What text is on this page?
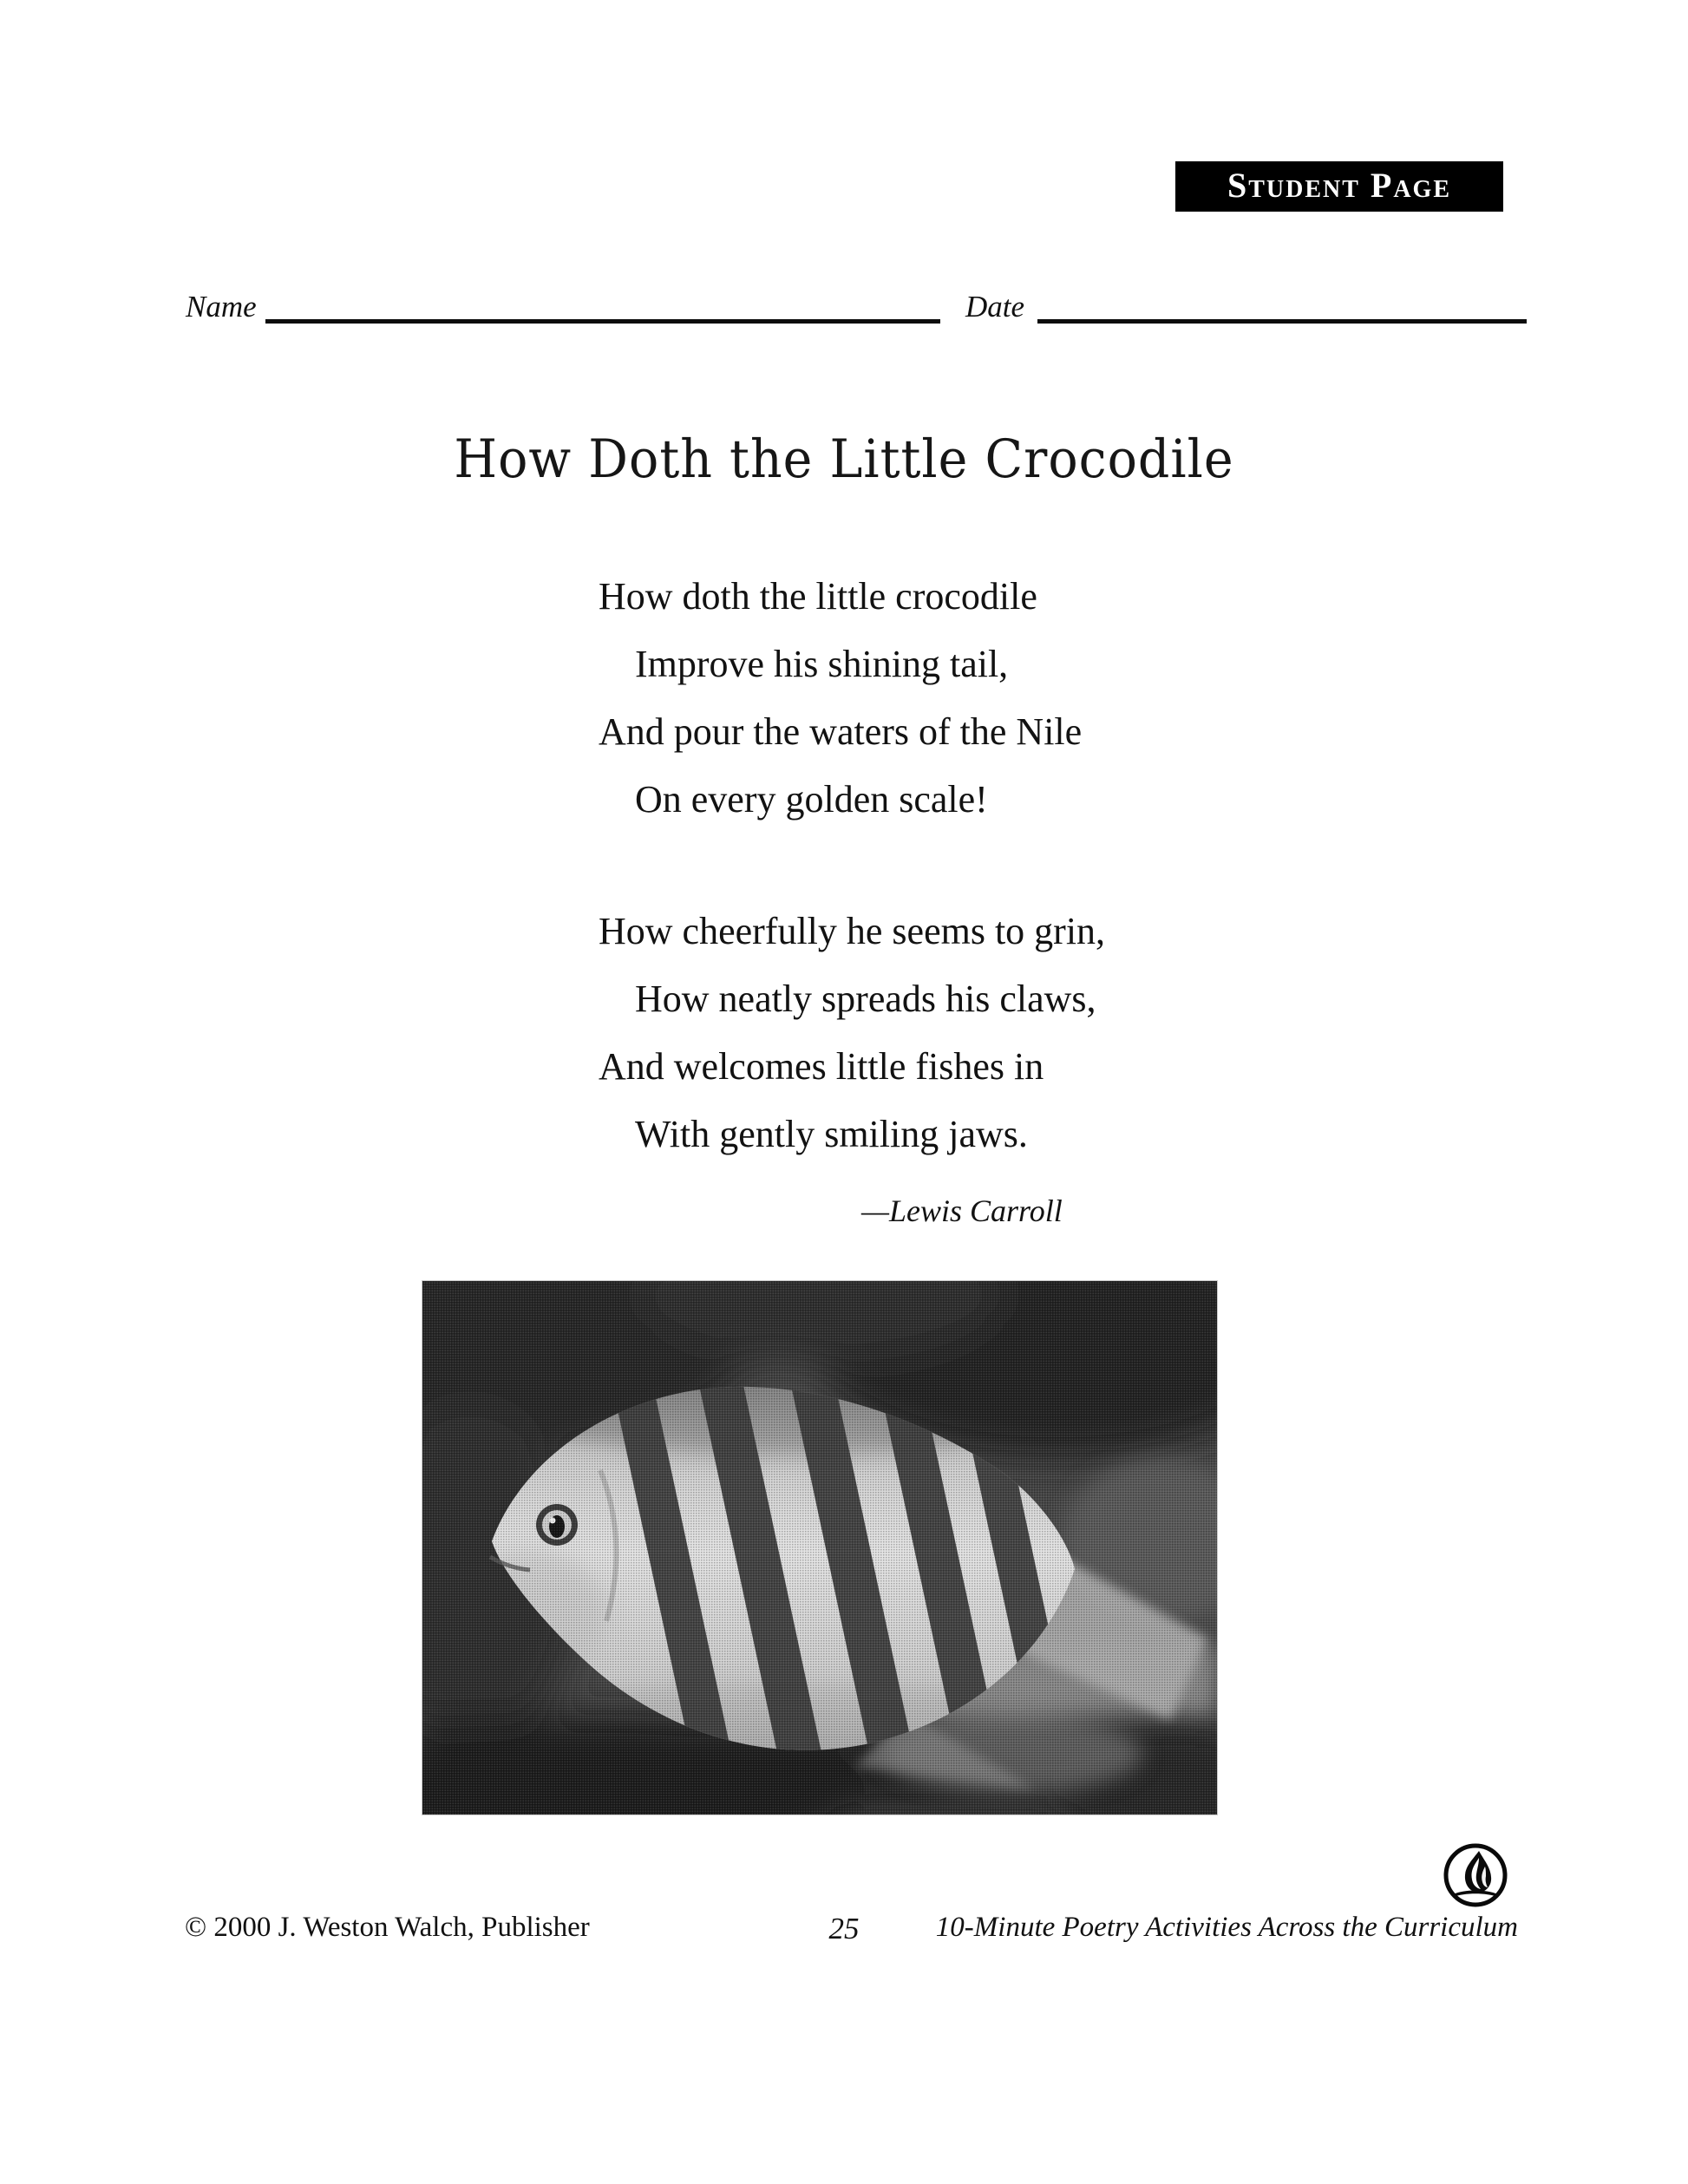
Student Page
Name	Date
How Doth the Little Crocodile
How doth the little crocodile
Improve his shining tail,
And pour the waters of the Nile
On every golden scale!
How cheerfully he seems to grin,
How neatly spreads his claws,
And welcomes little fishes in
With gently smiling jaws.
—Lewis Carroll
© 2000 J. Weston Walch, Publisher	25	10-Minute Poetry Activities Across the Curriculum
